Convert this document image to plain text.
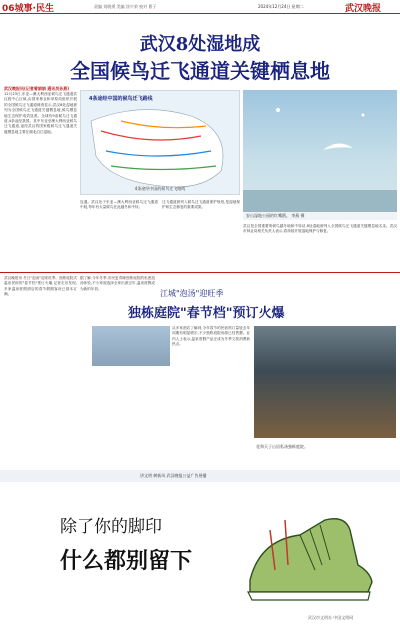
06城事·民生	责编 刘晓勇 美编 涂兴荣 校对 曹子	2024年12月24日 星期二	武汉晚报
武汉8处湿地成
全国候鸟迁飞通道关键栖息地
武汉晚报讯(记者曾娟娟 通讯员孙燕)
12月23日,东亚—澳大利西亚候鸟迁飞通道武汉段中心区域,由国家林业和草原局组织开展的全国候鸟迁飞通道调查显示,武汉8处湿地被列为全国候鸟迁飞通道关键栖息地,候鸟栖息地生态保护成效显著。全球有9条候鸟迁飞通道,4条途经我国。其中东亚至澳大利西亚候鸟迁飞通道,途经武汉的国家级候鸟迁飞通道关键栖息地主要在湖北沿江湿地。
4条途经中国的候鸟迁飞路线
4条途经中国的候鸟迁飞路线
安山湿地公园的红嘴鸥。 李燕 摄
连通。武汉处于东亚—澳大利西亚候鸟迁飞通道中段,每年有大量候鸟在此越冬和中转。
迁飞通道被列入候鸟迁飞通道保护规划,是湿地保护和生态修复的重要成果。
武汉是全国重要的候鸟越冬地和中转站,8处湿地被列入全国候鸟迁飞通道关键栖息地名录。武汉市林业局相关负责人表示,将持续开展湿地保护与修复。
武汉晚报讯 冬日"泡汤"迎来旺季。独栋庭院式温泉民宿的"春节档"预订火爆,记者走访发现,多家温泉度假酒店的春节假期客房已基本订满。
据了解,今年冬季,市民更青睐独栋庭院的私密泡汤体验,不少家庭选择全家出游过年,温泉度假成为新的年俗。
江城"泡汤"迎旺季
独栋庭院"春节档"预订火爆
从多家酒店了解到,今年春节的民宿预订量较去年同期有明显增长,不少独栋庭院房源已经售罄。业内人士表示,温泉度假产品正成为冬季文旅消费新热点。
花和天子山居私汤独栋庭院。
讲文明 树新风 武汉晚报公益广告展播
除了你的脚印
什么都别留下
武汉市文明办 中国文明网
